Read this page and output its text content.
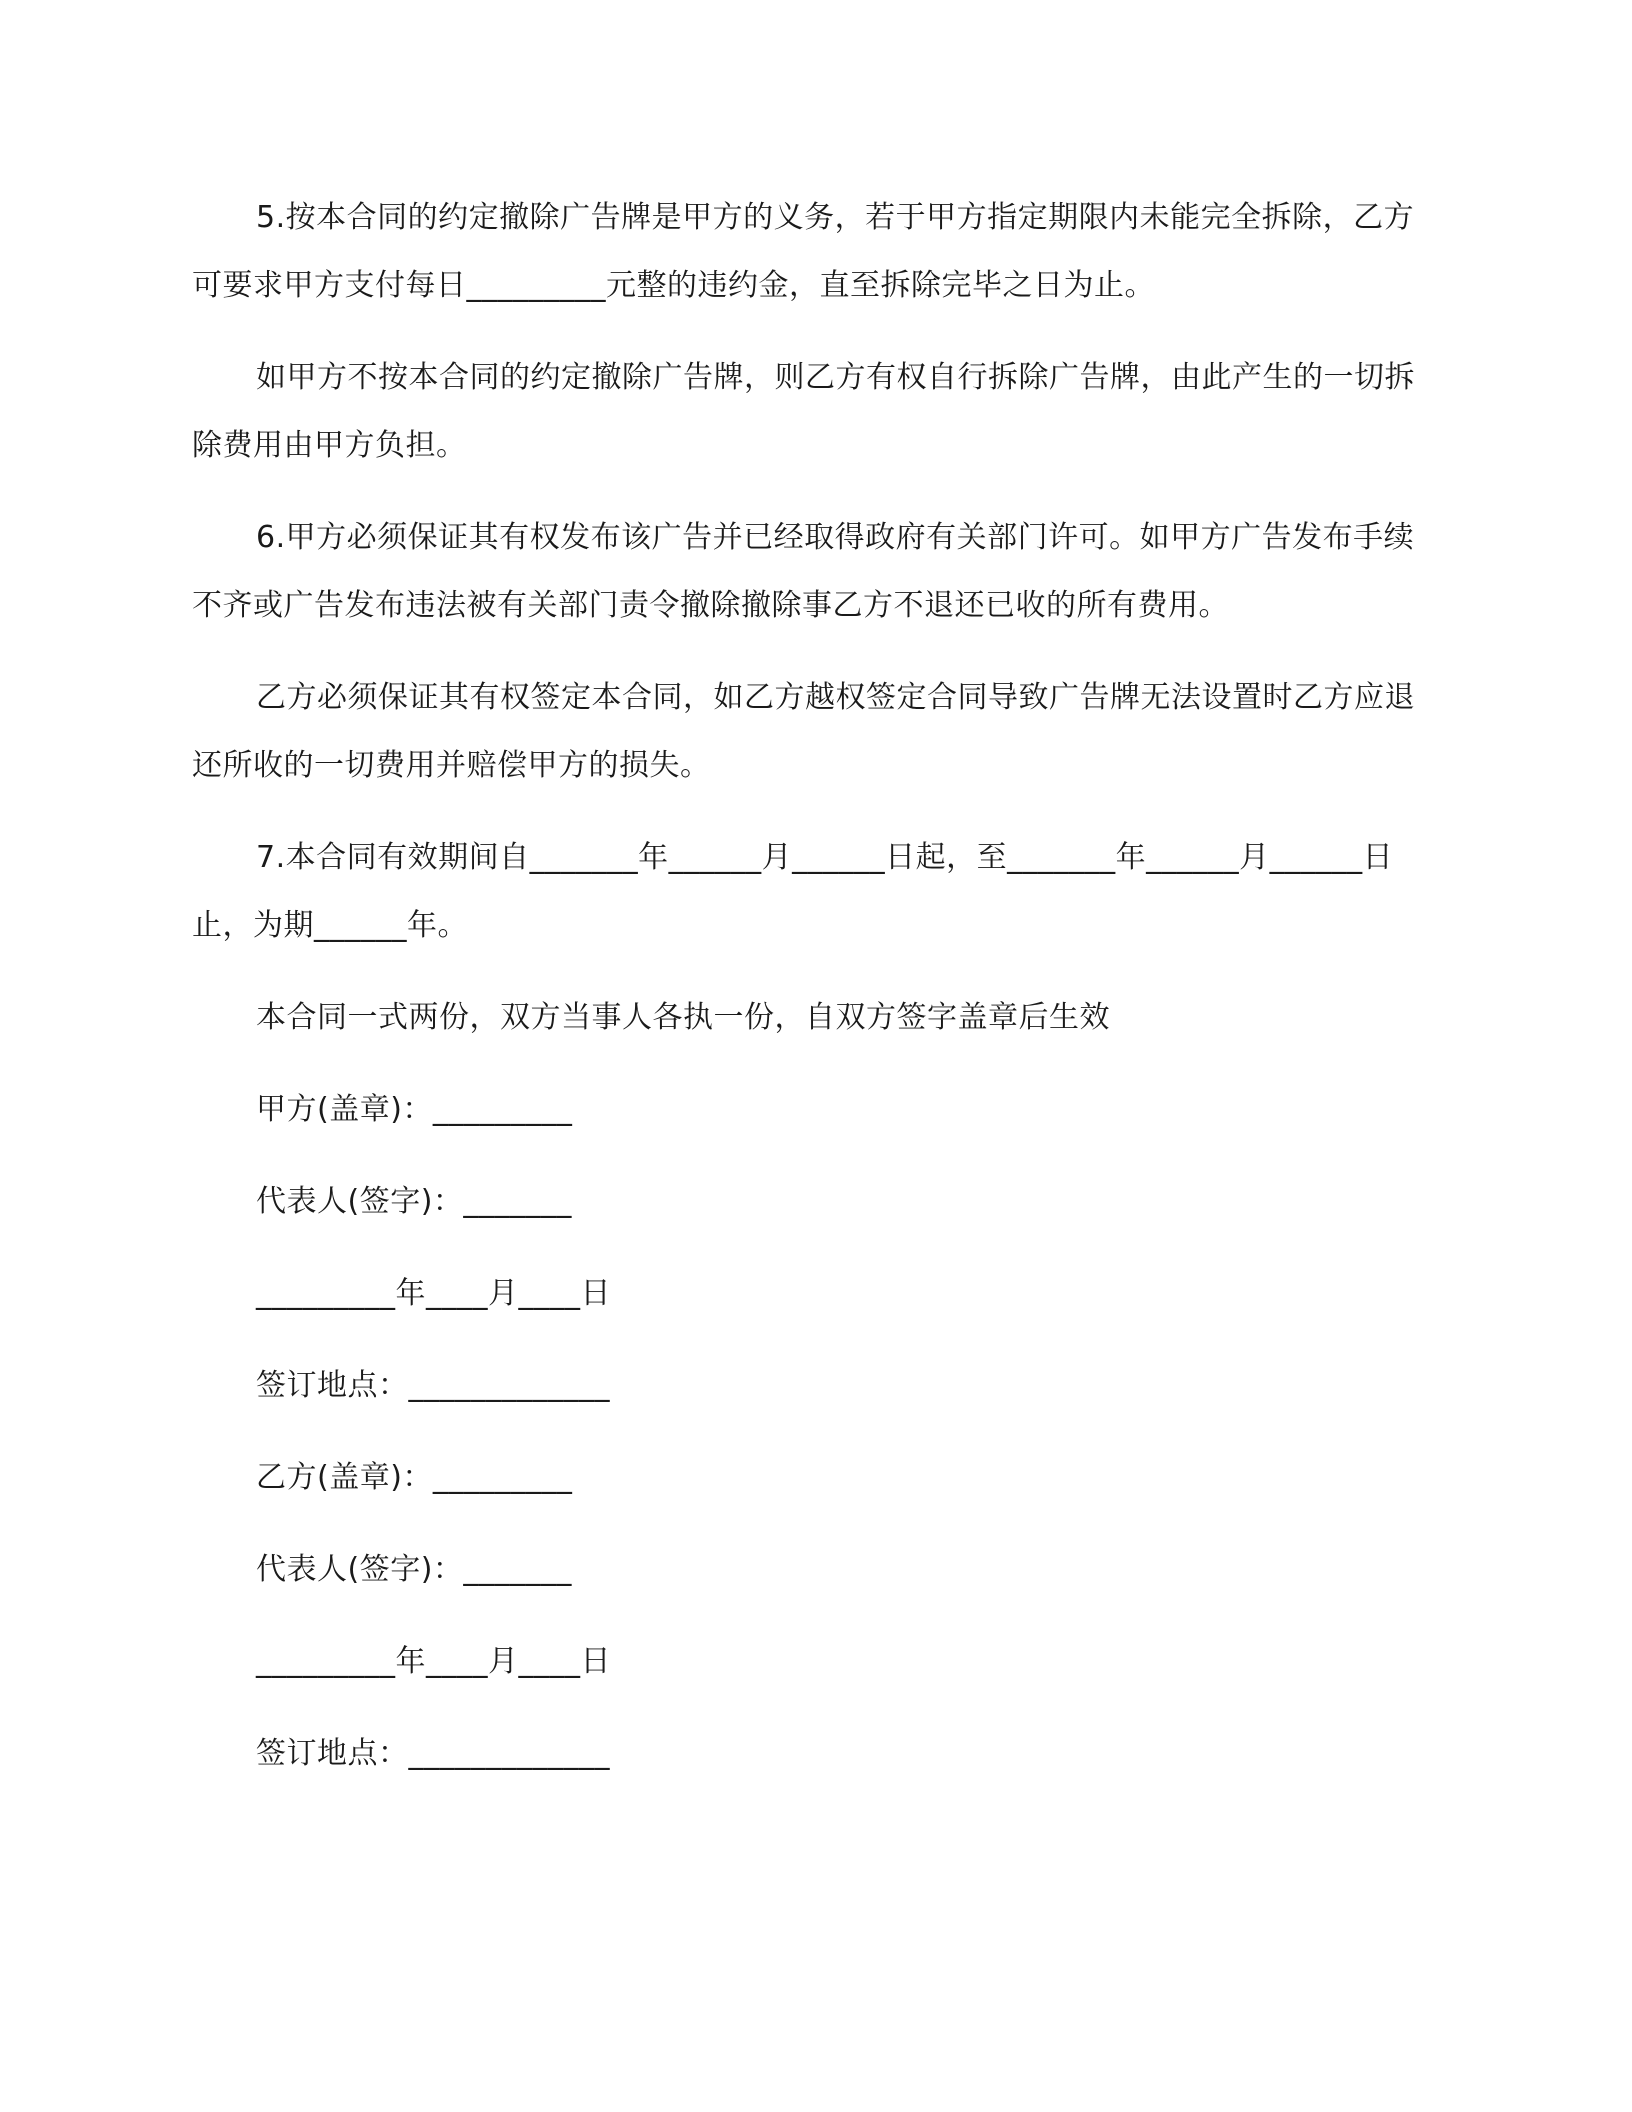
5.按本合同的约定撤除广告牌是甲方的义务，若于甲方指定期限内未能完全拆除，乙方可要求甲方支付每日_________元整的违约金，直至拆除完毕之日为止。

如甲方不按本合同的约定撤除广告牌，则乙方有权自行拆除广告牌，由此产生的一切拆除费用由甲方负担。

6.甲方必须保证其有权发布该广告并已经取得政府有关部门许可。如甲方广告发布手续不齐或广告发布违法被有关部门责令撤除撤除事乙方不退还已收的所有费用。

乙方必须保证其有权签定本合同，如乙方越权签定合同导致广告牌无法设置时乙方应退还所收的一切费用并赔偿甲方的损失。

7.本合同有效期间自_______年______月______日起，至_______年______月______日止，为期______年。

本合同一式两份，双方当事人各执一份，自双方签字盖章后生效

甲方(盖章)：_________

代表人(签字)：_______

_________年____月____日

签订地点：_____________

乙方(盖章)：_________

代表人(签字)：_______

_________年____月____日

签订地点：_____________
